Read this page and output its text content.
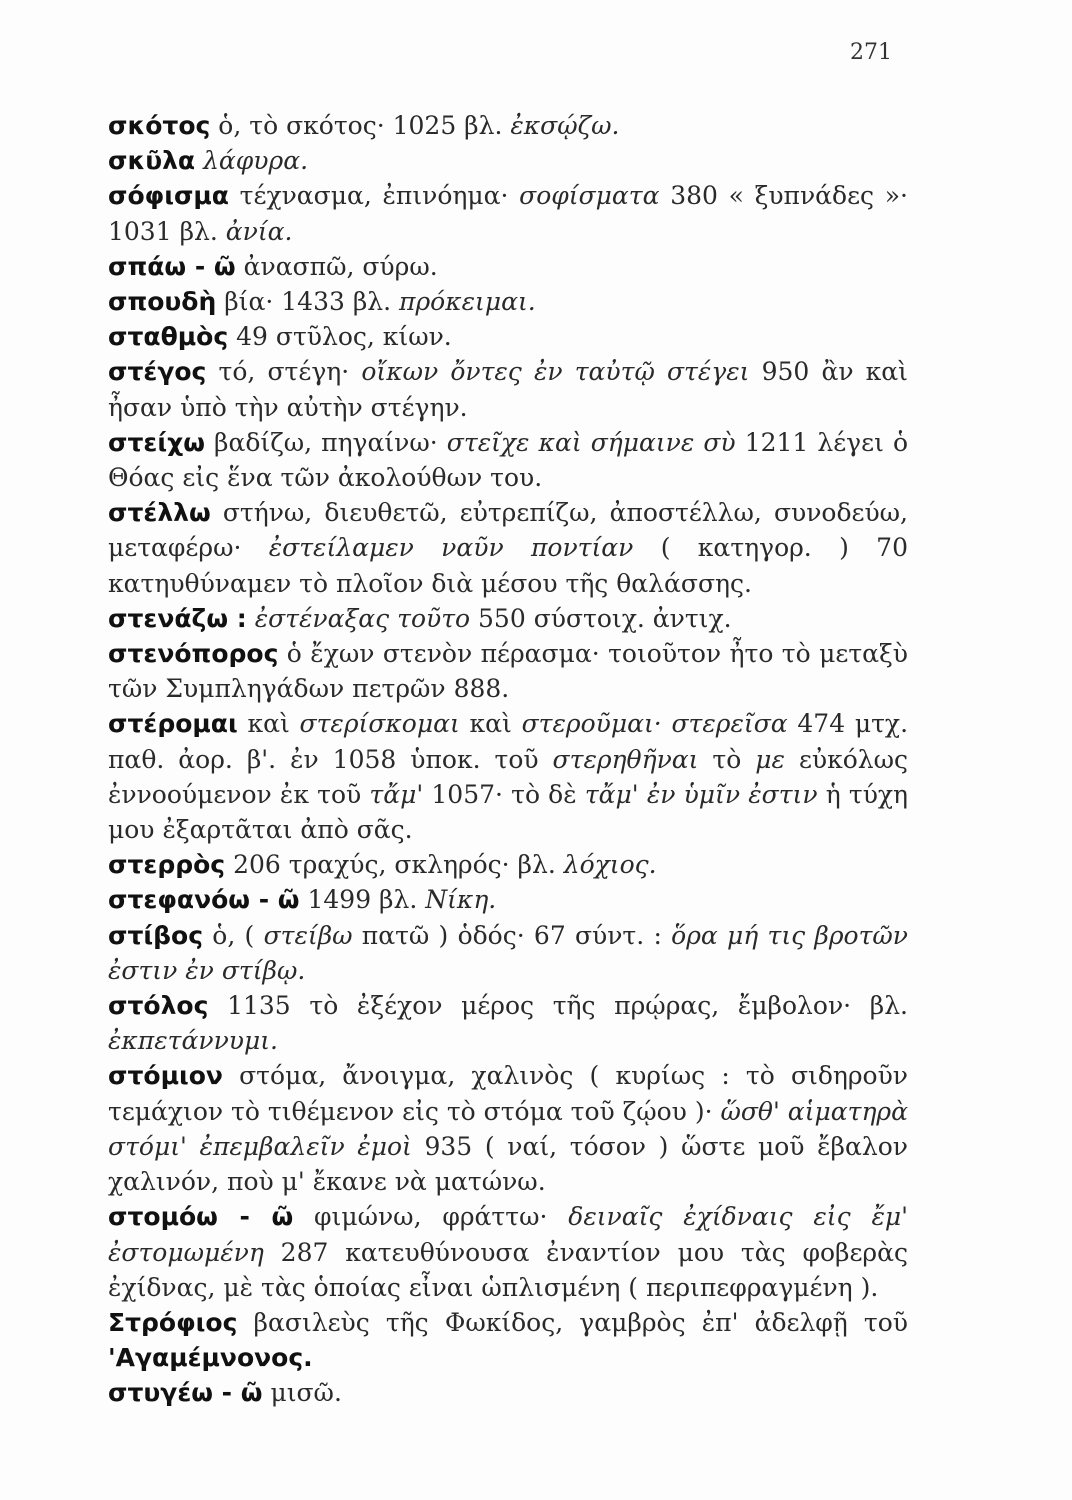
271

σκότος ὁ, τὸ σκότος· 1025 βλ. ἐκσῴζω.

σκῦλα λάφυρα.

σόφισμα τέχνασμα, ἐπινόημα· σοφίσματα 380 « ξυπνάδες »· 1031 βλ. ἀνία.

σπάω - ῶ ἀνασπῶ, σύρω.

σπουδὴ βία· 1433 βλ. πρόκειμαι.

σταθμὸς 49 στῦλος, κίων.

στέγος τό, στέγη· οἴκων ὄντες ἐν ταὐτῷ στέγει 950 ἂν καὶ ἦσαν ὑπὸ τὴν αὐτὴν στέγην.

στείχω βαδίζω, πηγαίνω· στεῖχε καὶ σήμαινε σὺ 1211 λέγει ὁ Θόας εἰς ἕνα τῶν ἀκολούθων του.

στέλλω στήνω, διευθετῶ, εὐτρεπίζω, ἀποστέλλω, συνοδεύω, μεταφέρω· ἐστείλαμεν ναῦν ποντίαν ( κατηγορ. ) 70 κατηυθύναμεν τὸ πλοῖον διὰ μέσου τῆς θαλάσσης.

στενάζω : ἐστέναξας τοῦτο 550 σύστοιχ. ἀντιχ.

στενόπορος ὁ ἔχων στενὸν πέρασμα· τοιοῦτον ἦτο τὸ μεταξὺ τῶν Συμπληγάδων πετρῶν 888.

στέρομαι καὶ στερίσκομαι καὶ στεροῦμαι· στερεῖσα 474 μτχ. παθ. ἀορ. β'. ἐν 1058 ὑποκ. τοῦ στερηθῆναι τὸ με εὐκόλως ἐννοούμενον ἐκ τοῦ τἄμ' 1057· τὸ δὲ τἄμ' ἐν ὑμῖν ἐστιν ἡ τύχη μου ἐξαρτᾶται ἀπὸ σᾶς.

στερρὸς 206 τραχύς, σκληρός· βλ. λόχιος.

στεφανόω - ῶ 1499 βλ. Νίκη.

στίβος ὁ, ( στείβω πατῶ ) ὁδός· 67 σύντ. : ὅρα μή τις βροτῶν ἐστιν ἐν στίβῳ.

στόλος 1135 τὸ ἐξέχον μέρος τῆς πρῴρας, ἔμβολον· βλ. ἐκπετάννυμι.

στόμιον στόμα, ἄνοιγμα, χαλινὸς ( κυρίως : τὸ σιδηροῦν τεμάχιον τὸ τιθέμενον εἰς τὸ στόμα τοῦ ζῴου )· ὥσθ' αἱματηρὰ στόμι' ἐπεμβαλεῖν ἐμοὶ 935 ( ναί, τόσον ) ὥστε μοῦ ἔβαλον χαλινόν, ποὺ μ' ἔκανε νὰ ματώνω.

στομόω - ῶ φιμώνω, φράττω· δειναῖς ἐχίδναις εἰς ἔμ' ἐστομωμένη 287 κατευθύνουσα ἐναντίον μου τὰς φοβερὰς ἐχίδνας, μὲ τὰς ὁποίας εἶναι ὡπλισμένη ( περιπεφραγμένη ).

Στρόφιος βασιλεὺς τῆς Φωκίδος, γαμβρὸς ἐπ' ἀδελφῇ τοῦ 'Αγαμέμνονος.

στυγέω - ῶ μισῶ.
